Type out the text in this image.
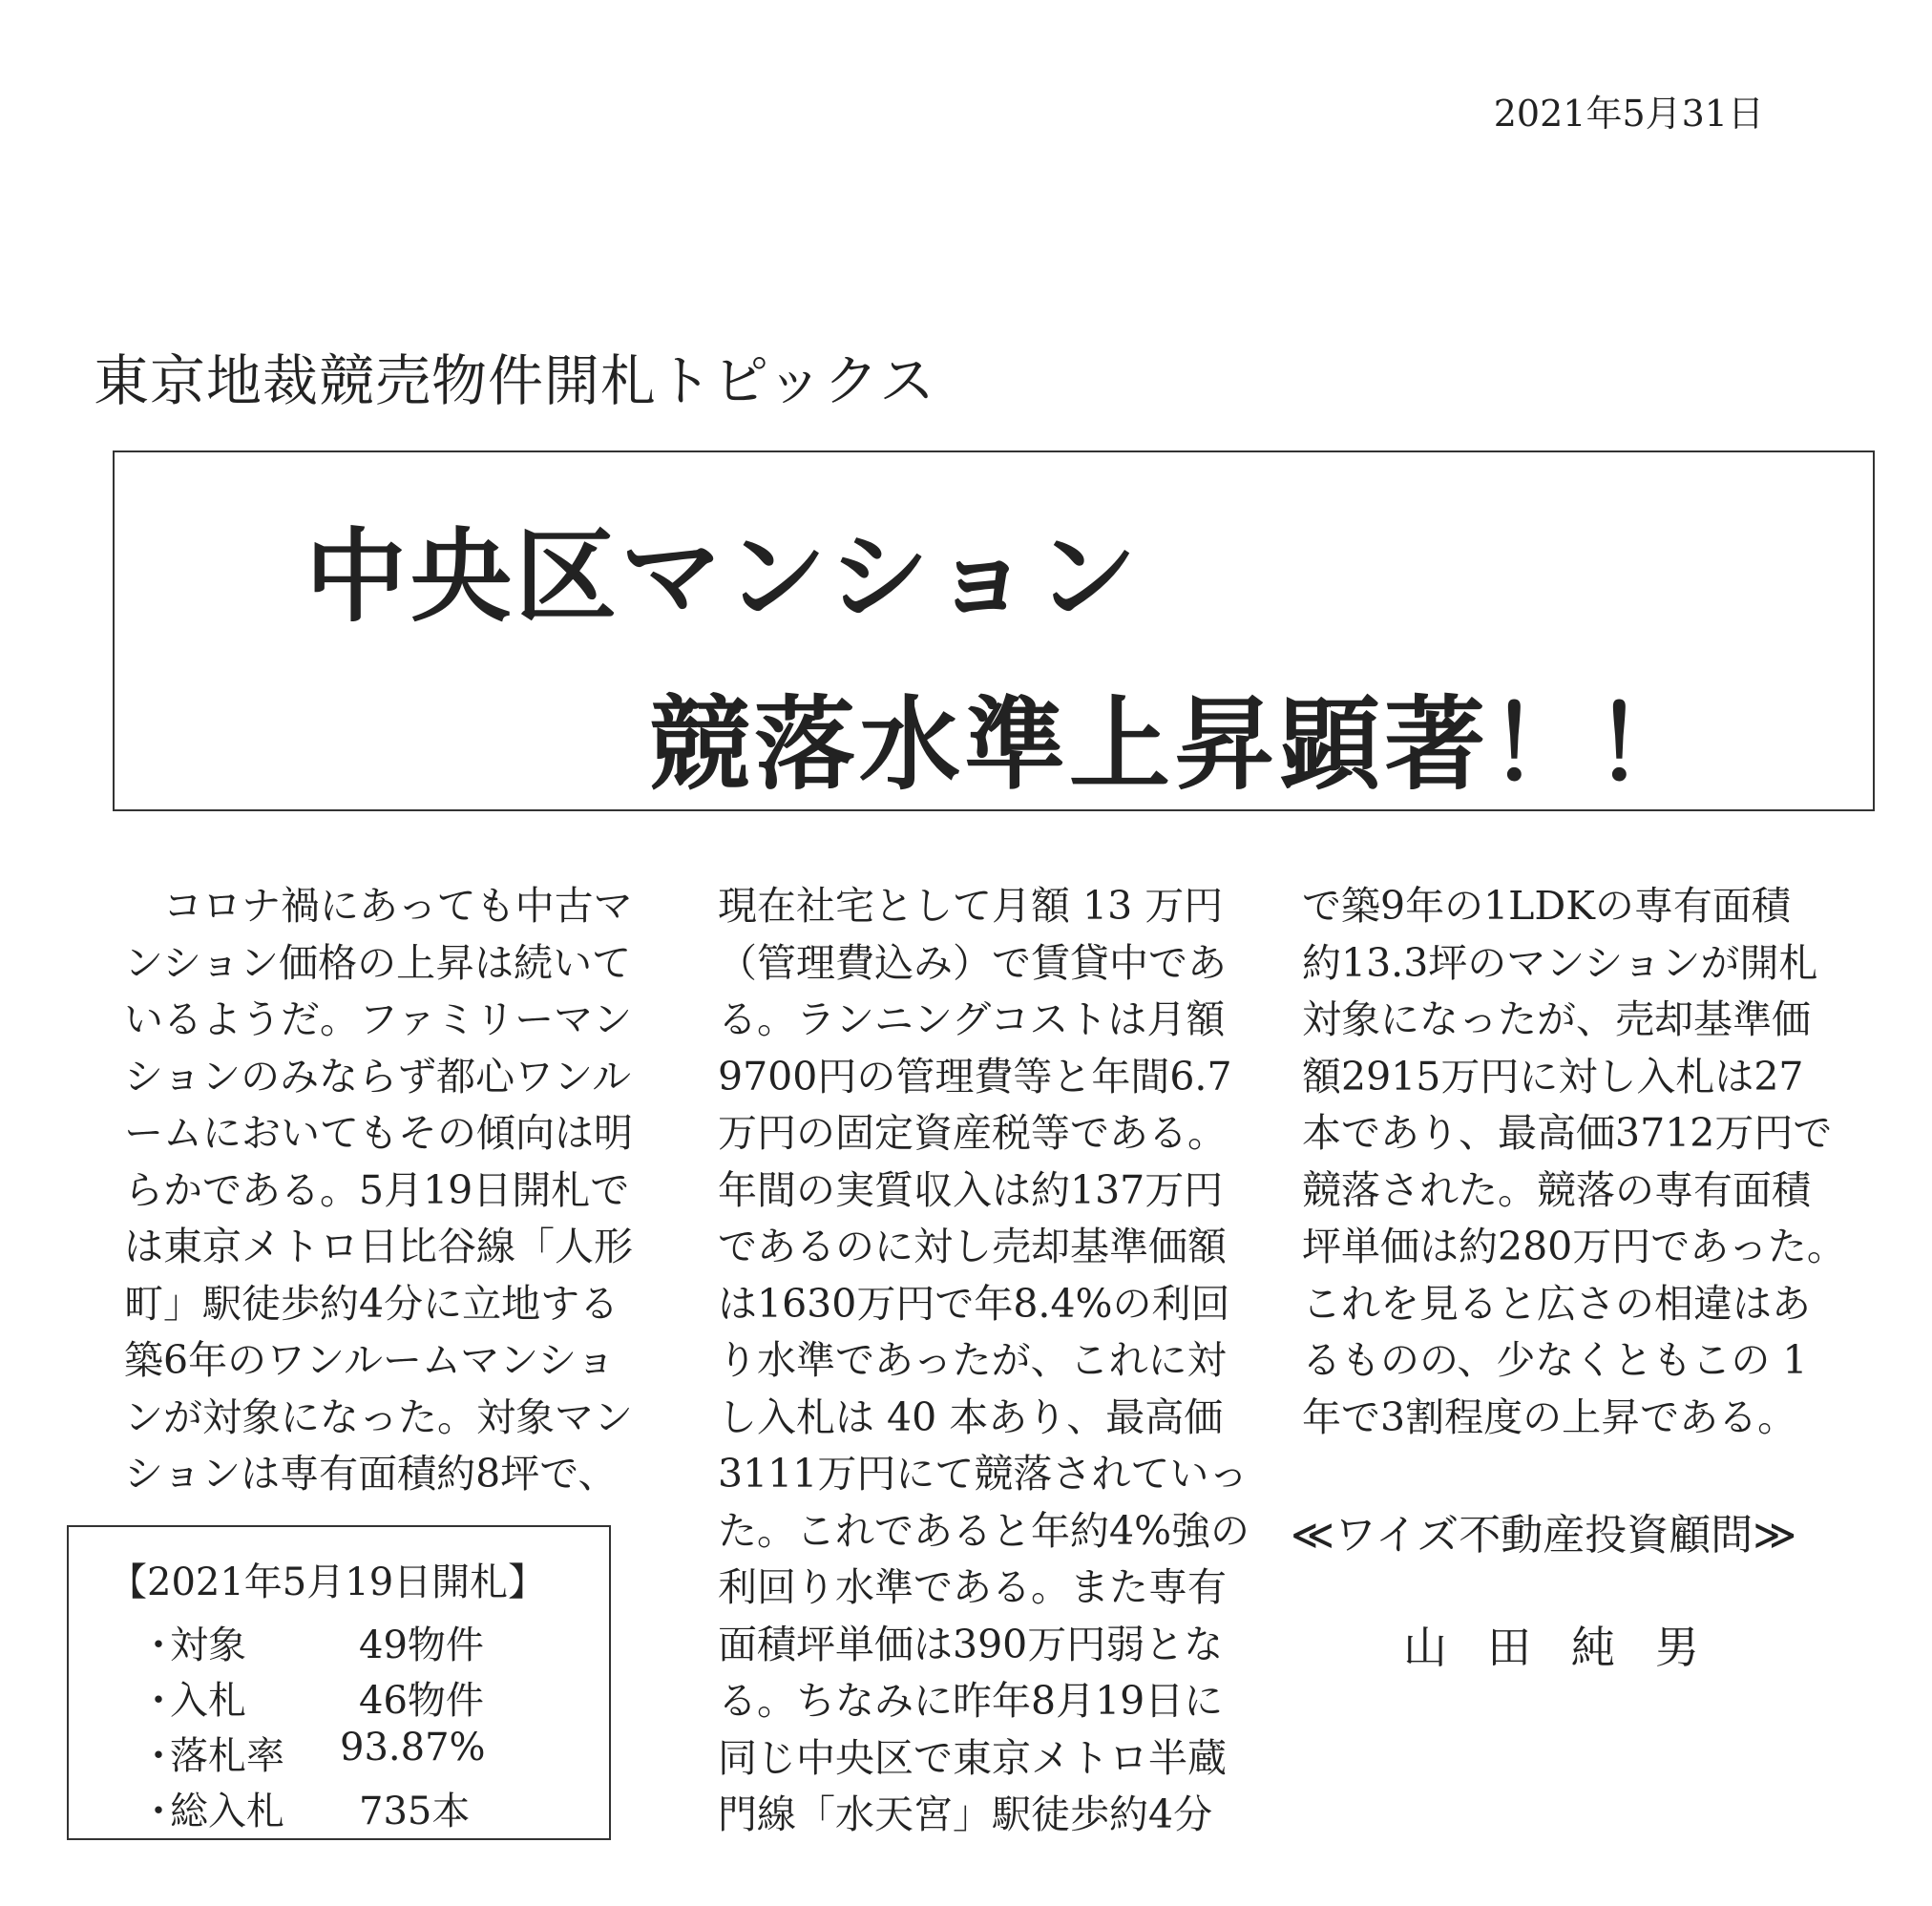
2021年5月31日
東京地裁競売物件開札トピックス
中央区マンション
競落水準上昇顕著！！
　コロナ禍にあっても中古マ
ンション価格の上昇は続いて
いるようだ。ファミリーマン
ションのみならず都心ワンル
ームにおいてもその傾向は明
らかである。5月19日開札で
は東京メトロ日比谷線「人形
町」駅徒歩約4分に立地する
築6年のワンルームマンショ
ンが対象になった。対象マン
ションは専有面積約8坪で、
現在社宅として月額 13 万円
（管理費込み）で賃貸中であ
る。ランニングコストは月額
9700円の管理費等と年間6.7
万円の固定資産税等である。
年間の実質収入は約137万円
であるのに対し売却基準価額
は1630万円で年8.4%の利回
り水準であったが、これに対
し入札は 40 本あり、最高価
3111万円にて競落されていっ
た。これであると年約4%強の
利回り水準である。また専有
面積坪単価は390万円弱とな
る。ちなみに昨年8月19日に
同じ中央区で東京メトロ半蔵
門線「水天宮」駅徒歩約4分
で築9年の1LDKの専有面積
約13.3坪のマンションが開札
対象になったが、売却基準価
額2915万円に対し入札は27
本であり、最高価3712万円で
競落された。競落の専有面積
坪単価は約280万円であった。
これを見ると広さの相違はあ
るものの、少なくともこの 1
年で3割程度の上昇である。
【2021年5月19日開札】
・
対象	49物件
・
入札	46物件
・
落札率 93.87%
・
総入札 735本
≪ワイズ不動産投資顧問≫
山田純男
